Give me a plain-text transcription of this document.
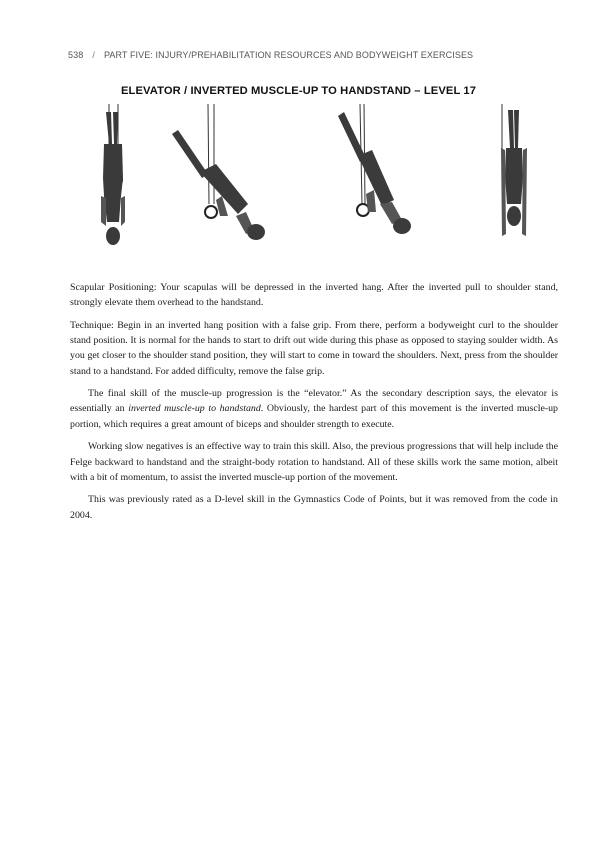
538 / PART FIVE: INJURY/PREHABILITATION RESOURCES AND BODYWEIGHT EXERCISES
ELEVATOR / INVERTED MUSCLE-UP TO HANDSTAND – LEVEL 17

Scapular Positioning: Your scapulas will be depressed in the inverted hang. After the inverted pull to shoulder stand, strongly elevate them overhead to the handstand.

Technique: Begin in an inverted hang position with a false grip. From there, perform a bodyweight curl to the shoulder stand position. It is normal for the hands to start to drift out wide during this phase as opposed to staying soulder width. As you get closer to the shoulder stand position, they will start to come in toward the shoulders. Next, press from the shoulder stand to a handstand. For added difficulty, remove the false grip.

The final skill of the muscle-up progression is the “elevator.” As the secondary description says, the elevator is essentially an inverted muscle-up to handstand. Obviously, the hardest part of this movement is the inverted muscle-up portion, which requires a great amount of biceps and shoulder strength to execute.

Working slow negatives is an effective way to train this skill. Also, the previous progressions that will help include the Felge backward to handstand and the straight-body rotation to handstand. All of these skills work the same motion, albeit with a bit of momentum, to assist the inverted muscle-up portion of the movement.

This was previously rated as a D-level skill in the Gymnastics Code of Points, but it was removed from the code in 2004.
